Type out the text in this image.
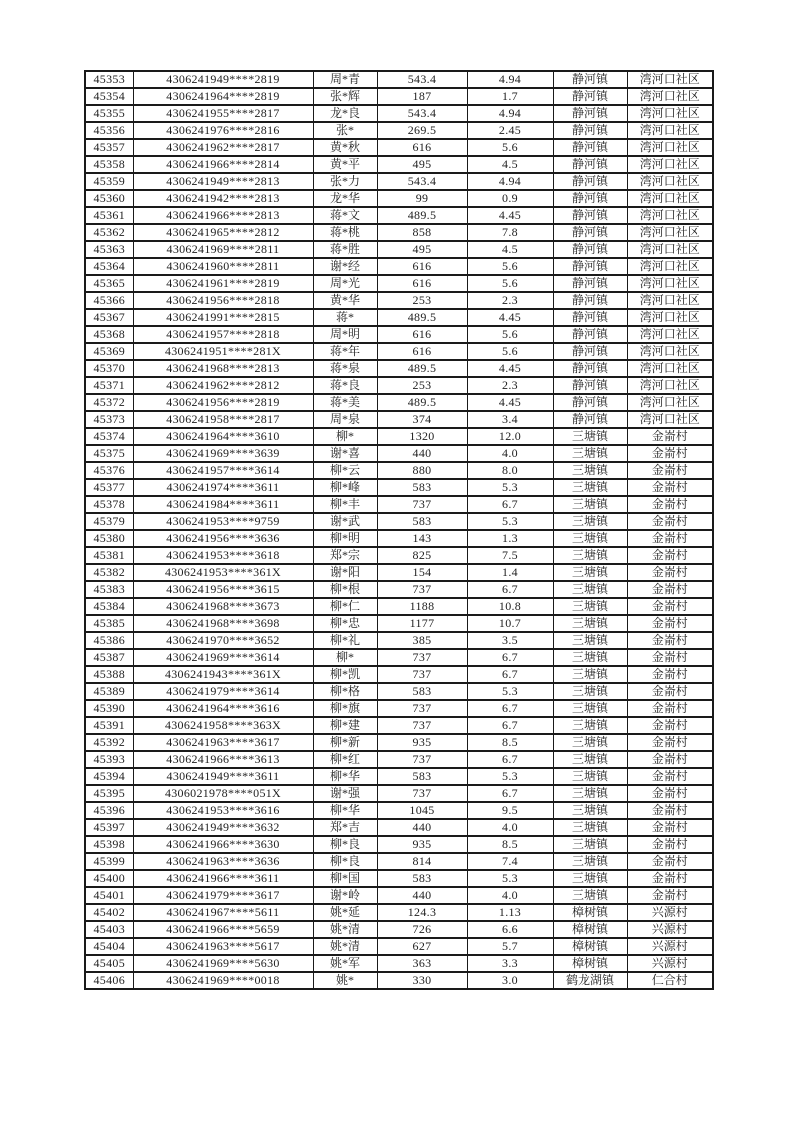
45353	4306241949****2819	周*青	543.4	4.94	静河镇	湾河口社区
45354	4306241964****2819	张*辉	187	1.7	静河镇	湾河口社区
45355	4306241955****2817	龙*良	543.4	4.94	静河镇	湾河口社区
45356	4306241976****2816	张*	269.5	2.45	静河镇	湾河口社区
45357	4306241962****2817	黄*秋	616	5.6	静河镇	湾河口社区
45358	4306241966****2814	黄*平	495	4.5	静河镇	湾河口社区
45359	4306241949****2813	张*力	543.4	4.94	静河镇	湾河口社区
45360	4306241942****2813	龙*华	99	0.9	静河镇	湾河口社区
45361	4306241966****2813	蒋*文	489.5	4.45	静河镇	湾河口社区
45362	4306241965****2812	蒋*桃	858	7.8	静河镇	湾河口社区
45363	4306241969****2811	蒋*胜	495	4.5	静河镇	湾河口社区
45364	4306241960****2811	谢*经	616	5.6	静河镇	湾河口社区
45365	4306241961****2819	周*光	616	5.6	静河镇	湾河口社区
45366	4306241956****2818	黄*华	253	2.3	静河镇	湾河口社区
45367	4306241991****2815	蒋*	489.5	4.45	静河镇	湾河口社区
45368	4306241957****2818	周*明	616	5.6	静河镇	湾河口社区
45369	4306241951****281X	蒋*年	616	5.6	静河镇	湾河口社区
45370	4306241968****2813	蒋*泉	489.5	4.45	静河镇	湾河口社区
45371	4306241962****2812	蒋*良	253	2.3	静河镇	湾河口社区
45372	4306241956****2819	蒋*美	489.5	4.45	静河镇	湾河口社区
45373	4306241958****2817	周*泉	374	3.4	静河镇	湾河口社区
45374	4306241964****3610	柳*	1320	12.0	三塘镇	金嵛村
45375	4306241969****3639	谢*喜	440	4.0	三塘镇	金嵛村
45376	4306241957****3614	柳*云	880	8.0	三塘镇	金嵛村
45377	4306241974****3611	柳*峰	583	5.3	三塘镇	金嵛村
45378	4306241984****3611	柳*丰	737	6.7	三塘镇	金嵛村
45379	4306241953****9759	谢*武	583	5.3	三塘镇	金嵛村
45380	4306241956****3636	柳*明	143	1.3	三塘镇	金嵛村
45381	4306241953****3618	郑*宗	825	7.5	三塘镇	金嵛村
45382	4306241953****361X	谢*阳	154	1.4	三塘镇	金嵛村
45383	4306241956****3615	柳*根	737	6.7	三塘镇	金嵛村
45384	4306241968****3673	柳*仁	1188	10.8	三塘镇	金嵛村
45385	4306241968****3698	柳*忠	1177	10.7	三塘镇	金嵛村
45386	4306241970****3652	柳*礼	385	3.5	三塘镇	金嵛村
45387	4306241969****3614	柳*	737	6.7	三塘镇	金嵛村
45388	4306241943****361X	柳*凯	737	6.7	三塘镇	金嵛村
45389	4306241979****3614	柳*格	583	5.3	三塘镇	金嵛村
45390	4306241964****3616	柳*旗	737	6.7	三塘镇	金嵛村
45391	4306241958****363X	柳*建	737	6.7	三塘镇	金嵛村
45392	4306241963****3617	柳*新	935	8.5	三塘镇	金嵛村
45393	4306241966****3613	柳*红	737	6.7	三塘镇	金嵛村
45394	4306241949****3611	柳*华	583	5.3	三塘镇	金嵛村
45395	4306021978****051X	谢*强	737	6.7	三塘镇	金嵛村
45396	4306241953****3616	柳*华	1045	9.5	三塘镇	金嵛村
45397	4306241949****3632	郑*吉	440	4.0	三塘镇	金嵛村
45398	4306241966****3630	柳*良	935	8.5	三塘镇	金嵛村
45399	4306241963****3636	柳*良	814	7.4	三塘镇	金嵛村
45400	4306241966****3611	柳*国	583	5.3	三塘镇	金嵛村
45401	4306241979****3617	谢*岭	440	4.0	三塘镇	金嵛村
45402	4306241967****5611	姚*延	124.3	1.13	樟树镇	兴源村
45403	4306241966****5659	姚*清	726	6.6	樟树镇	兴源村
45404	4306241963****5617	姚*清	627	5.7	樟树镇	兴源村
45405	4306241969****5630	姚*军	363	3.3	樟树镇	兴源村
45406	4306241969****0018	姚*	330	3.0	鹤龙湖镇	仁合村
